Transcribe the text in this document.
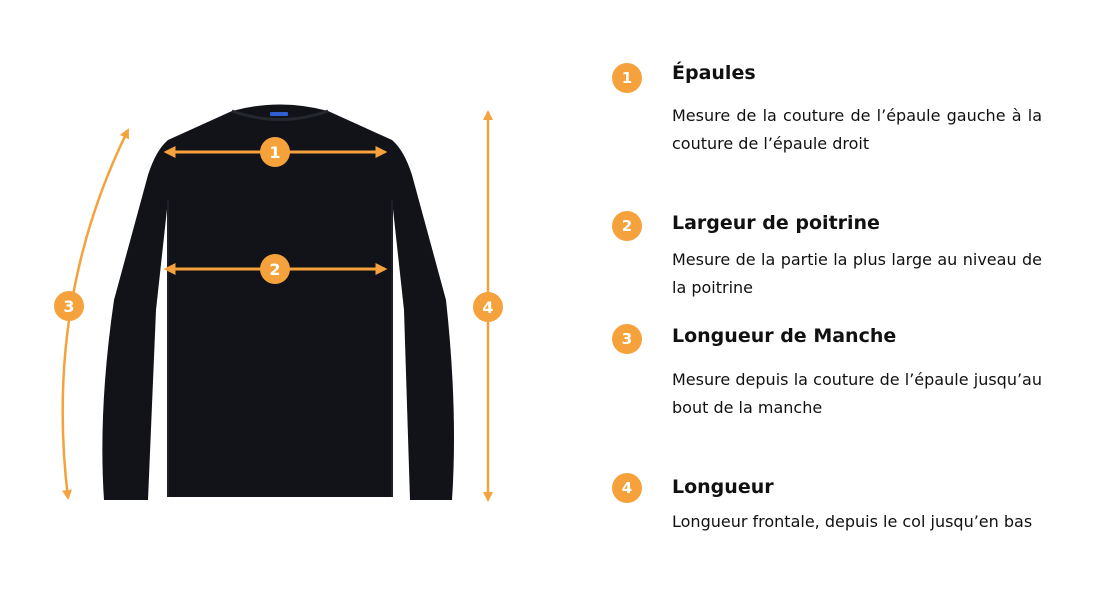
1
2
3	4
1	Épaules
Mesure de la couture de l’épaule gauche à la couture de l’épaule droit
2	Largeur de poitrine
Mesure de la partie la plus large au niveau de la poitrine
3	Longueur de Manche
Mesure depuis la couture de l’épaule jusqu’au bout de la manche
4	Longueur
Longueur frontale, depuis le col jusqu’en bas
